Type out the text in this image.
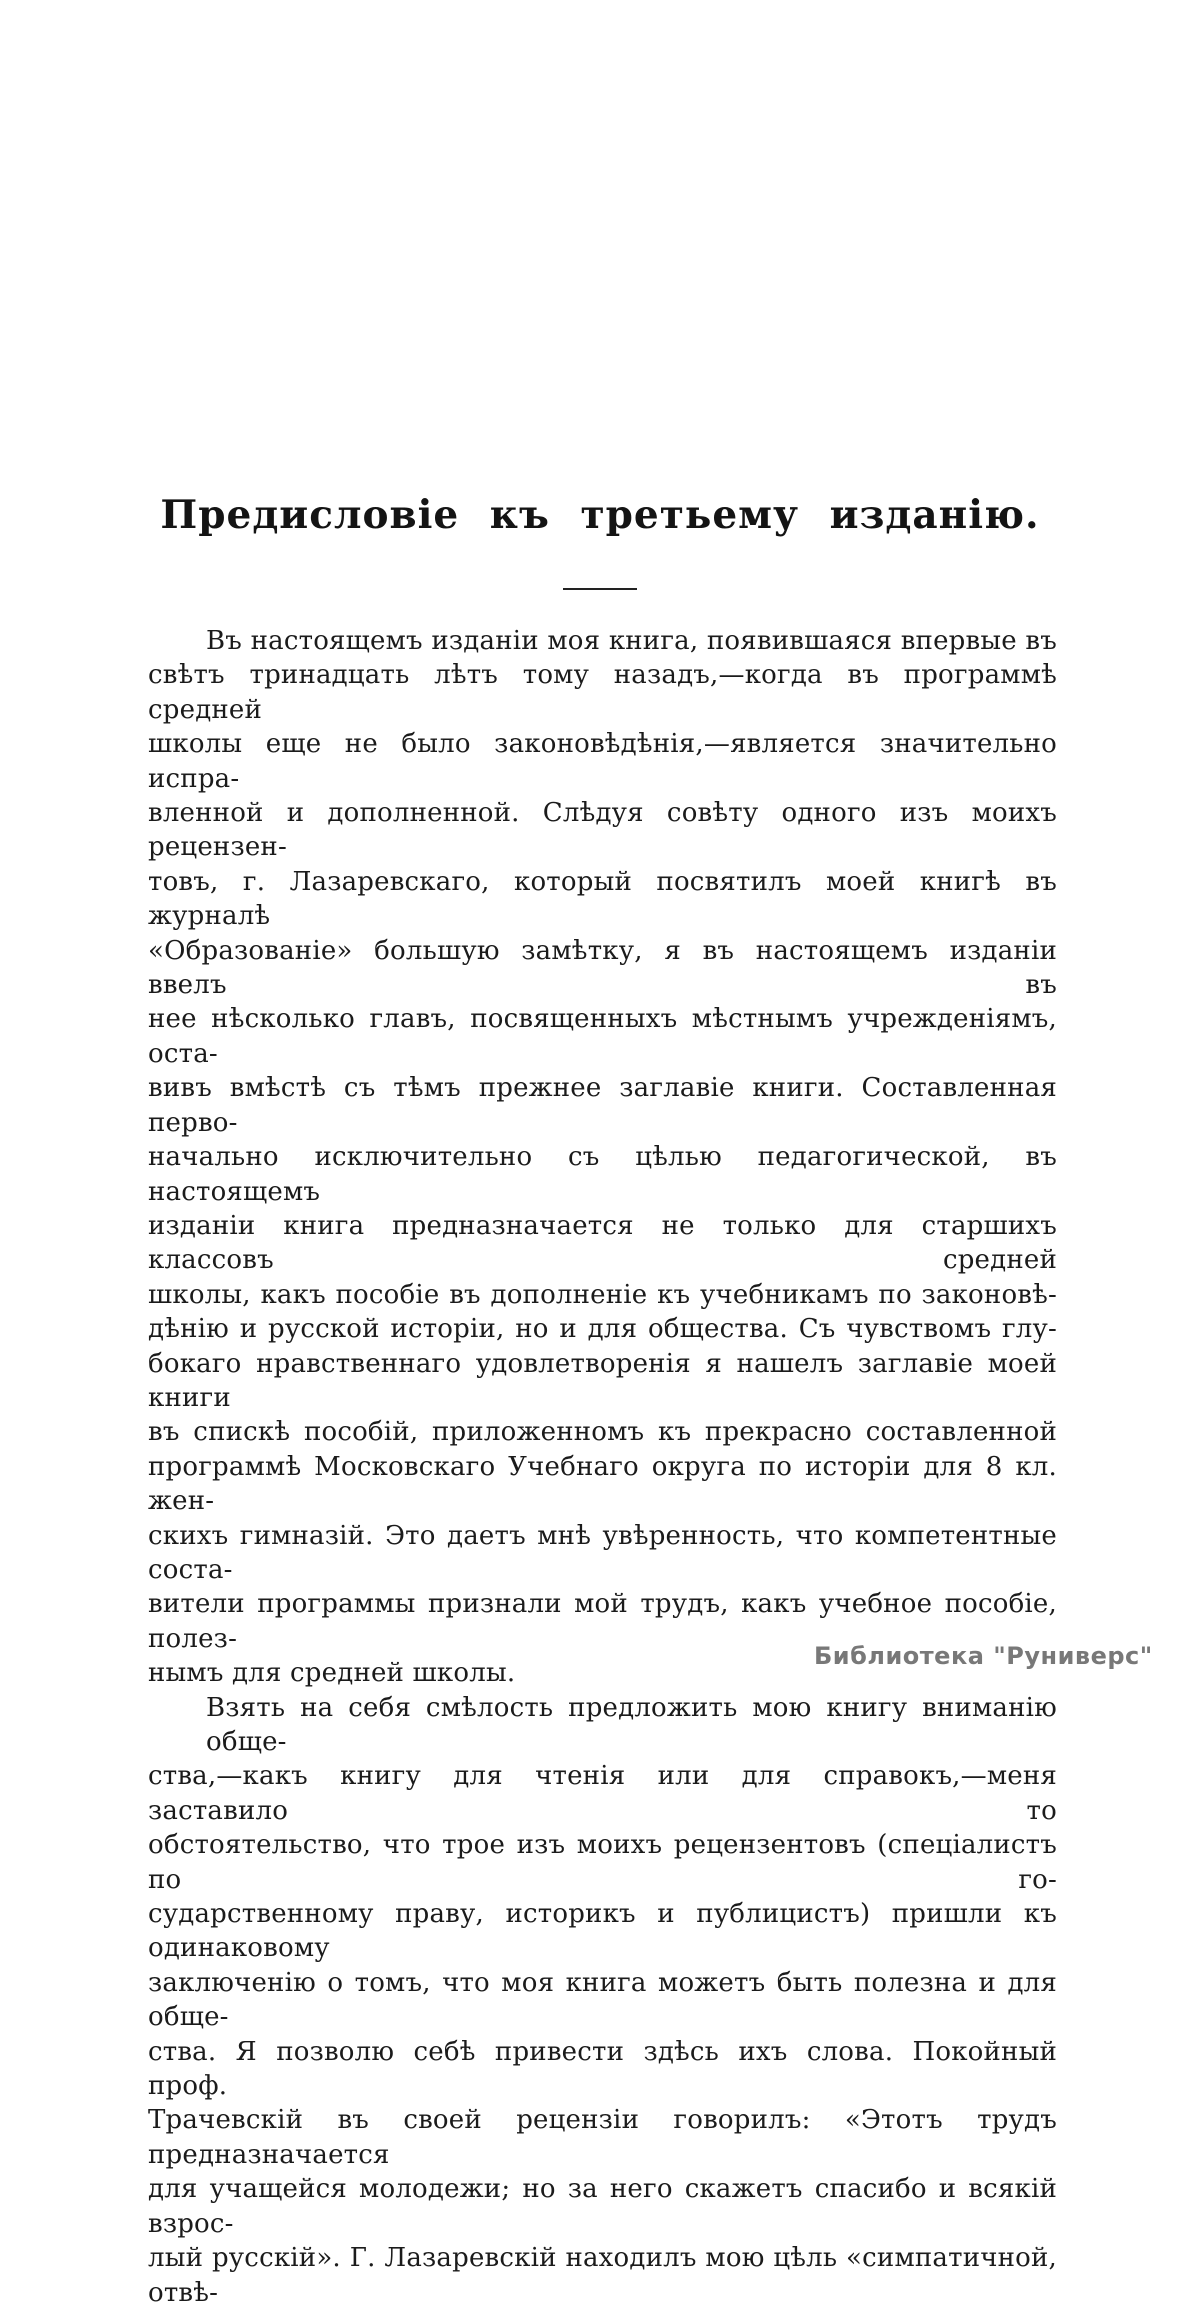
Предисловіе къ третьему изданію.
Въ настоящемъ изданіи моя книга, появившаяся впервые въ
свѣтъ тринадцать лѣтъ тому назадъ,—когда въ программѣ средней
школы еще не было законовѣдѣнія,—является значительно испра-
вленной и дополненной. Слѣдуя совѣту одного изъ моихъ рецензен-
товъ, г. Лазаревскаго, который посвятилъ моей книгѣ въ журналѣ
«Образованіе» большую замѣтку, я въ настоящемъ изданіи ввелъ въ
нее нѣсколько главъ, посвященныхъ мѣстнымъ учрежденіямъ, оста-
вивъ вмѣстѣ съ тѣмъ прежнее заглавіе книги. Составленная перво-
начально исключительно съ цѣлью педагогической, въ настоящемъ
изданіи книга предназначается не только для старшихъ классовъ средней
школы, какъ пособіе въ дополненіе къ учебникамъ по законовѣ-
дѣнію и русской исторіи, но и для общества. Съ чувствомъ глу-
бокаго нравственнаго удовлетворенія я нашелъ заглавіе моей книги
въ спискѣ пособій, приложенномъ къ прекрасно составленной
программѣ Московскаго Учебнаго округа по исторіи для 8 кл. жен-
скихъ гимназій. Это даетъ мнѣ увѣренность, что компетентные соста-
вители программы признали мой трудъ, какъ учебное пособіе, полез-
нымъ для средней школы.
Взять на себя смѣлость предложить мою книгу вниманію обще-
ства,—какъ книгу для чтенія или для справокъ,—меня заставило то
обстоятельство, что трое изъ моихъ рецензентовъ (спеціалистъ по го-
сударственному праву, историкъ и публицистъ) пришли къ одинаковому
заключенію о томъ, что моя книга можетъ быть полезна и для обще-
ства. Я позволю себѣ привести здѣсь ихъ слова. Покойный проф.
Трачевскій въ своей рецензіи говорилъ: «Этотъ трудъ предназначается
для учащейся молодежи; но за него скажетъ спасибо и всякій взрос-
лый русскій». Г. Лазаревскій находилъ мою цѣль «симпатичной, отвѣ-
Библиотека "Руниверс"
